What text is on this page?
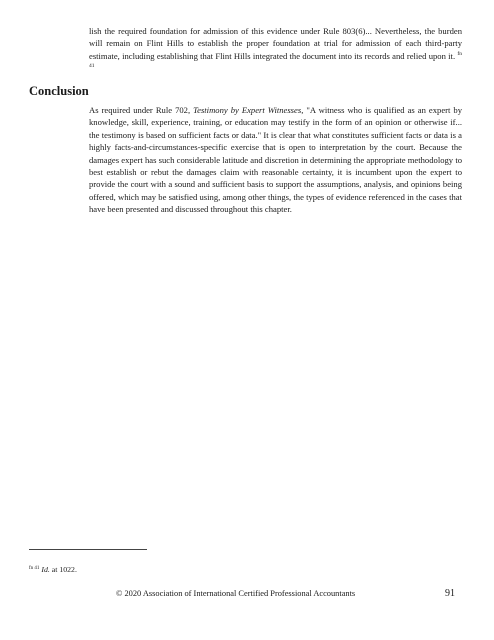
lish the required foundation for admission of this evidence under Rule 803(6)... Nevertheless, the burden will remain on Flint Hills to establish the proper foundation at trial for admission of each third-party estimate, including establishing that Flint Hills integrated the document into its records and relied upon it. $^{fn 41}$

Conclusion

As required under Rule 702, Testimony by Expert Witnesses, "A witness who is qualified as an expert by knowledge, skill, experience, training, or education may testify in the form of an opinion or otherwise if... the testimony is based on sufficient facts or data." It is clear that what constitutes sufficient facts or data is a highly facts-and-circumstances-specific exercise that is open to interpretation by the court. Because the damages expert has such considerable latitude and discretion in determining the appropriate methodology to best establish or rebut the damages claim with reasonable certainty, it is incumbent upon the expert to provide the court with a sound and sufficient basis to support the assumptions, analysis, and opinions being offered, which may be satisfied using, among other things, the types of evidence referenced in the cases that have been presented and discussed throughout this chapter.

$^{fn 41}$ Id. at 1022.
© 2020 Association of International Certified Professional Accountants	91
